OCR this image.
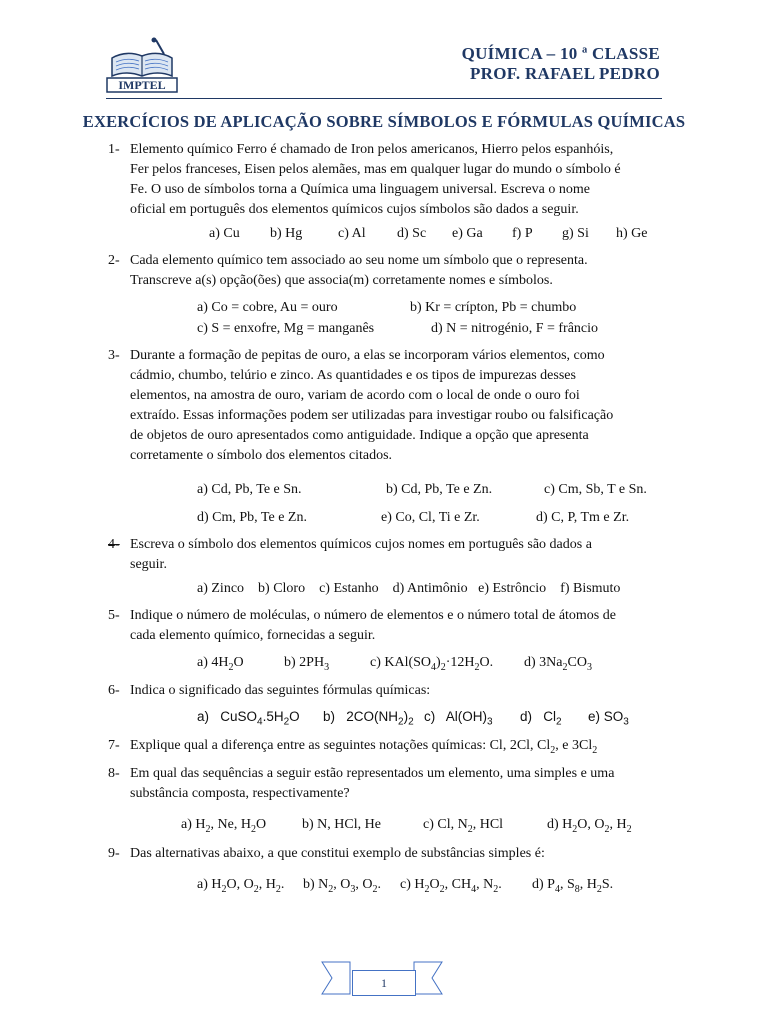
IMPTEL
QUÍMICA – 10 ª CLASSE
PROF. RAFAEL PEDRO
EXERCÍCIOS DE APLICAÇÃO SOBRE SÍMBOLOS E FÓRMULAS QUÍMICAS
1- Elemento químico Ferro é chamado de Iron pelos americanos, Hierro pelos espanhóis,

Fer pelos franceses, Eisen pelos alemães, mas em qualquer lugar do mundo o símbolo é

Fe. O uso de símbolos torna a Química uma linguagem universal. Escreva o nome

oficial em português dos elementos químicos cujos símbolos são dados a seguir.

a) Cu b) Hg	c) Al d) Sc e) Ga f) P g) Si h) Ge
2- Cada elemento químico tem associado ao seu nome um símbolo que o representa.

Transcreve a(s) opção(ões) que associa(m) corretamente nomes e símbolos.

a) Co = cobre, Au = ouro	b) Kr = crípton, Pb = chumbo
c) S = enxofre, Mg = manganês	d) N = nitrogénio, F = frâncio
3- Durante a formação de pepitas de ouro, a elas se incorporam vários elementos, como

cádmio, chumbo, telúrio e zinco. As quantidades e os tipos de impurezas desses

elementos, na amostra de ouro, variam de acordo com o local de onde o ouro foi

extraído. Essas informações podem ser utilizadas para investigar roubo ou falsificação

de objetos de ouro apresentados como antiguidade. Indique a opção que apresenta

corretamente o símbolo dos elementos citados.

a) Cd, Pb, Te e Sn.	b) Cd, Pb, Te e Zn.	c) Cm, Sb, T e Sn.
d) Cm, Pb, Te e Zn.	e) Co, Cl, Ti e Zr.	d) C, P, Tm e Zr.
4- Escreva o símbolo dos elementos químicos cujos nomes em português são dados a

seguir.

a) Zinco    b) Cloro    c) Estanho    d) Antimônio   e) Estrôncio    f) Bismuto
5- Indique o número de moléculas, o número de elementos e o número total de átomos de

cada elemento químico, fornecidas a seguir.

a) $4H_2O$	b) $2PH_3$	c) $KAl(SO_4)_2\cdot 12H_2O$. d) $3Na_2CO_3$
6- Indica o significado das seguintes fórmulas químicas:

a)   $CuSO_4.5H_2O$ b)   $2CO(NH_2)_2$ c)   $Al(OH)_3$ d)   $Cl_2$ e) $SO_3$
7- Explique qual a diferença entre as seguintes notações químicas: Cl, 2Cl, $Cl_2$, e $3Cl_2$

8- Em qual das sequências a seguir estão representados um elemento, uma simples e uma

substância composta, respectivamente?

a) $H_2$, Ne, $H_2O$	b) N, HCl, He	c) Cl, $N_2$, HCl	d) $H_2O$, $O_2$, $H_2$
9- Das alternativas abaixo, a que constitui exemplo de substâncias simples é:

a) $H_2O$, $O_2$, $H_2$. b) $N_2$, $O_3$, $O_2$. c) $H_2O_2$, $CH_4$, $N_2$. d) $P_4$, $S_8$, $H_2S$.
1
